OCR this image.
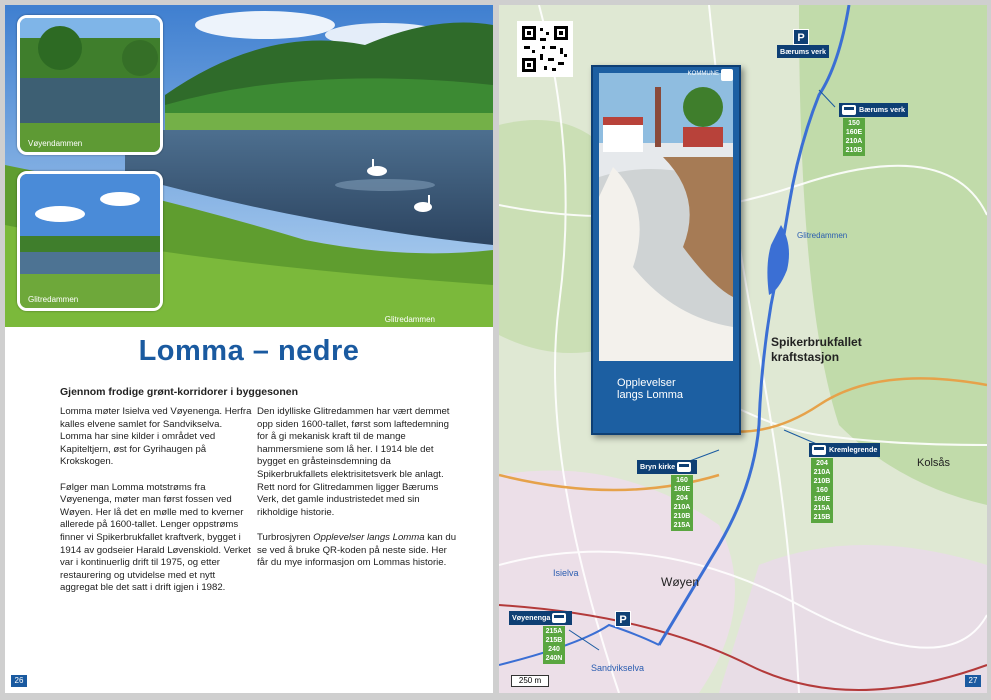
Glitredammen
Vøyendammen
Glitredammen
Lomma – nedre
Gjennom frodige grønt-korridorer i byggesonen

Lomma møter Isielva ved Vøyenenga. Herfra kalles elvene samlet for Sandvikselva. Lomma har sine kilder i området ved Kapiteltjern, øst for Gyrihaugen på Krokskogen.

Følger man Lomma motstrøms fra Vøyenenga, møter man først fossen ved Wøyen. Her lå det en mølle med to kverner allerede på 1600-tallet. Lenger oppstrøms finner vi Spikerbrukfallet kraftverk, bygget i 1914 av godseier Harald Løvenskiold. Verket var i kontinuerlig drift til 1975, og etter restaurering og utvidelse med et nytt aggregat ble det satt i drift igjen i 1982.

Den idylliske Glitredammen har vært demmet opp siden 1600-tallet, først som laftedemning for å gi mekanisk kraft til de mange hammersmiene som lå her. I 1914 ble det bygget en gråsteinsdemning da Spikerbrukfallets elektrisitetsverk ble anlagt. Rett nord for Glitredammen ligger Bærums Verk, det gamle industristedet med sin rikholdige historie.

Turbrosjyren Opplevelser langs Lomma kan du se ved å bruke QR-koden på neste side. Her får du mye informasjon om Lommas historie.

26
Opplevelser
langs Lomma
KOMMUNE
P
Bærums verk
Bærums verk
150
160E
210A
210B
Kremlegrende
204
210A
210B
160
160E
215A
215B
Bryn kirke
160
160E
204
210A
210B
215A
Vøyenenga
215A
215B
240
240N
P
Glitredammen
Spikerbrukfallet
kraftstasjon
Kolsås
Wøyen
Isielva
Sandvikselva
250 m	27
